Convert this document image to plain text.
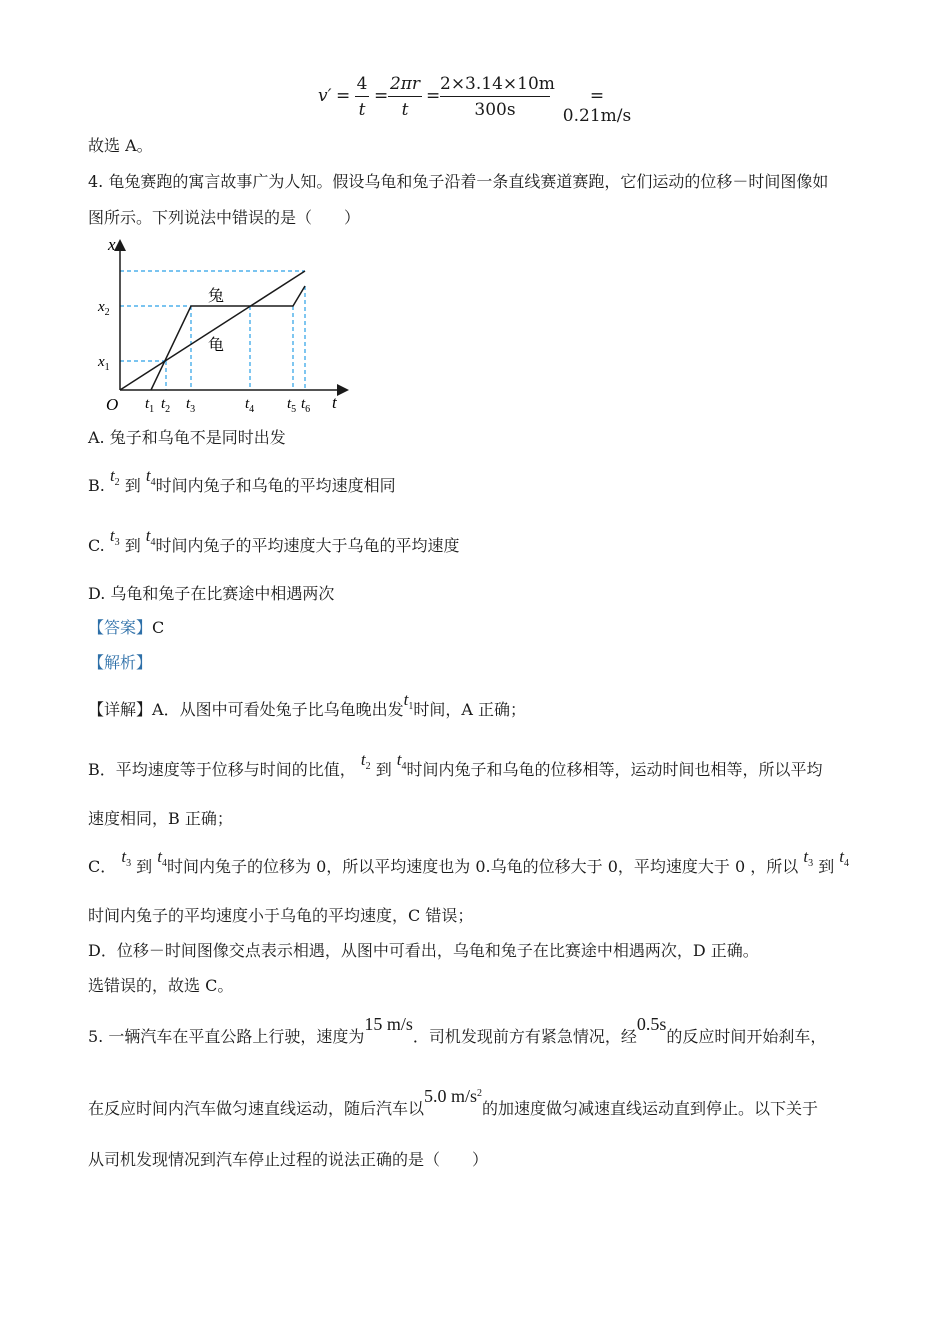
v′ =
4
t
=
2πr
t
=
2×3.14×10m
300s
= 0.21m/s
故选 A。
4. 龟兔赛跑的寓言故事广为人知。假设乌龟和兔子沿着一条直线赛道赛跑，它们运动的位移－时间图像如
图所示。下列说法中错误的是（　　）
x
t
O
$x_2$
$x_1$
$t_1$ $t_2$ $t_3$	$t_4$ $t_5$ $t_6$
兔
龟
A. 兔子和乌龟不是同时出发
B. $t_2$ 到 $t_4$时间内兔子和乌龟的平均速度相同
C. $t_3$ 到 $t_4$时间内兔子的平均速度大于乌龟的平均速度
D. 乌龟和兔子在比赛途中相遇两次
【答案】C
【解析】
【详解】A．从图中可看处兔子比乌龟晚出发$t_1$时间，A 正确；
B．平均速度等于位移与时间的比值， $t_2$ 到 $t_4$时间内兔子和乌龟的位移相等，运动时间也相等，所以平均
速度相同，B 正确；
C． $t_3$ 到 $t_4$时间内兔子的位移为 0，所以平均速度也为 0.乌龟的位移大于 0，平均速度大于 0 ，所以 $t_3$ 到 $t_4$
时间内兔子的平均速度小于乌龟的平均速度，C 错误；
D．位移－时间图像交点表示相遇，从图中可看出，乌龟和兔子在比赛途中相遇两次，D 正确。
选错误的，故选 C。
5. 一辆汽车在平直公路上行驶，速度为15 m/s．司机发现前方有紧急情况，经0.5s的反应时间开始刹车，
在反应时间内汽车做匀速直线运动，随后汽车以5.0 $m/s^2$的加速度做匀减速直线运动直到停止。以下关于
从司机发现情况到汽车停止过程的说法正确的是（　　）
